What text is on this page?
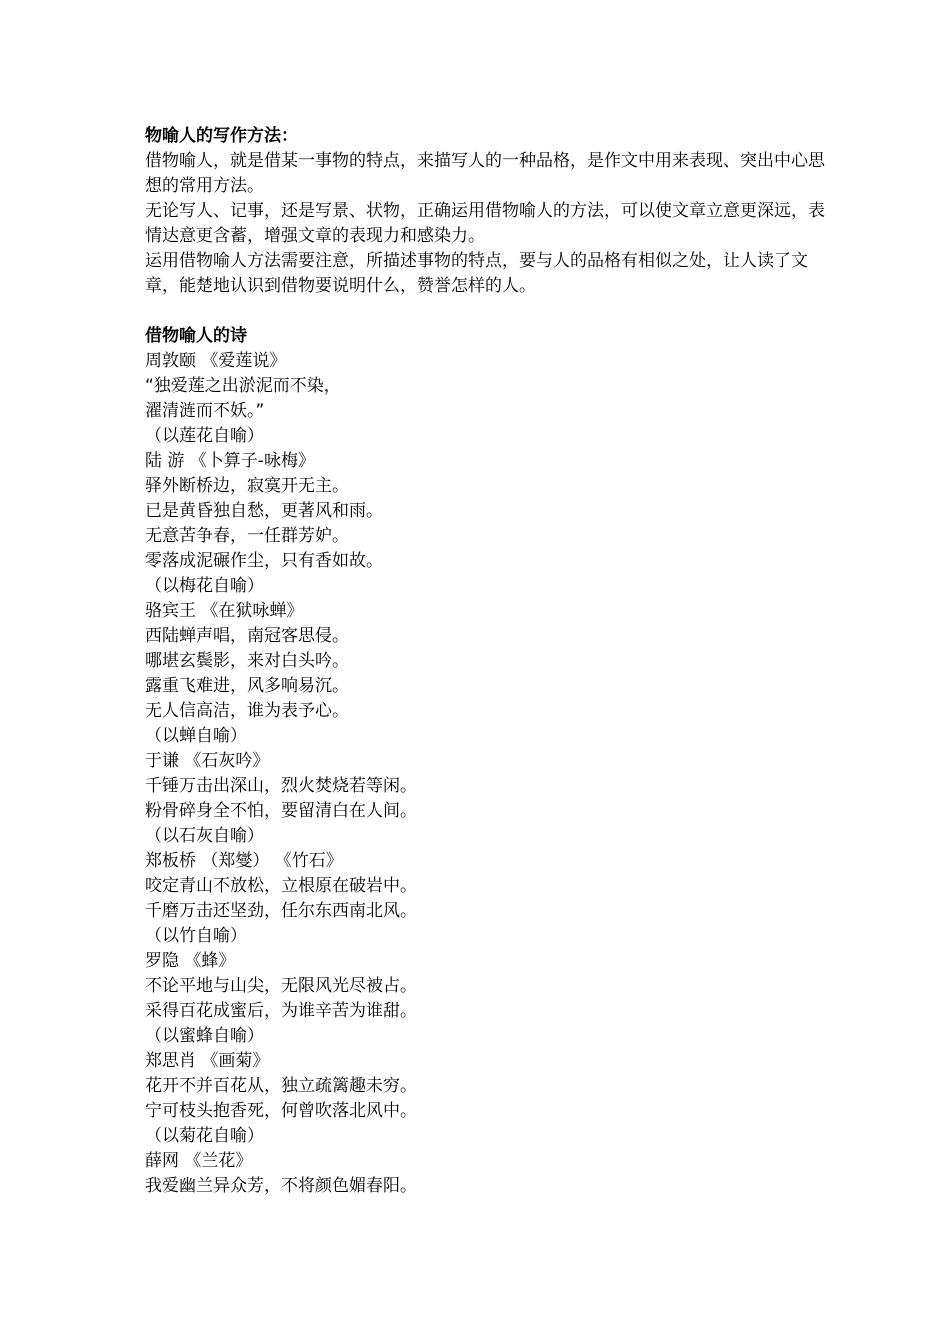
物喻人的写作方法：
借物喻人，就是借某一事物的特点，来描写人的一种品格，是作文中用来表现、突出中心思想的常用方法。
无论写人、记事，还是写景、状物，正确运用借物喻人的方法，可以使文章立意更深远，表情达意更含蓄，增强文章的表现力和感染力。
运用借物喻人方法需要注意，所描述事物的特点，要与人的品格有相似之处，让人读了文章，能楚地认识到借物要说明什么，赞誉怎样的人。
借物喻人的诗
周敦颐 《爱莲说》
“独爱莲之出淤泥而不染，
濯清涟而不妖。”
（以莲花自喻）
陆 游 《卜算子-咏梅》
驿外断桥边，寂寞开无主。
已是黄昏独自愁，更著风和雨。
无意苦争春，一任群芳妒。
零落成泥碾作尘，只有香如故。
（以梅花自喻）
骆宾王 《在狱咏蝉》
西陆蝉声唱，南冠客思侵。
哪堪玄鬓影，来对白头吟。
露重飞难进，风多响易沉。
无人信高洁，谁为表予心。
（以蝉自喻）
于谦 《石灰吟》
千锤万击出深山，烈火焚烧若等闲。
粉骨碎身全不怕，要留清白在人间。
（以石灰自喻）
郑板桥 （郑燮） 《竹石》
咬定青山不放松，立根原在破岩中。
千磨万击还坚劲，任尔东西南北风。
（以竹自喻）
罗隐 《蜂》
不论平地与山尖，无限风光尽被占。
采得百花成蜜后，为谁辛苦为谁甜。
（以蜜蜂自喻）
郑思肖 《画菊》
花开不并百花从，独立疏篱趣未穷。
宁可枝头抱香死，何曾吹落北风中。
（以菊花自喻）
薛网 《兰花》
我爱幽兰异众芳，不将颜色媚春阳。
